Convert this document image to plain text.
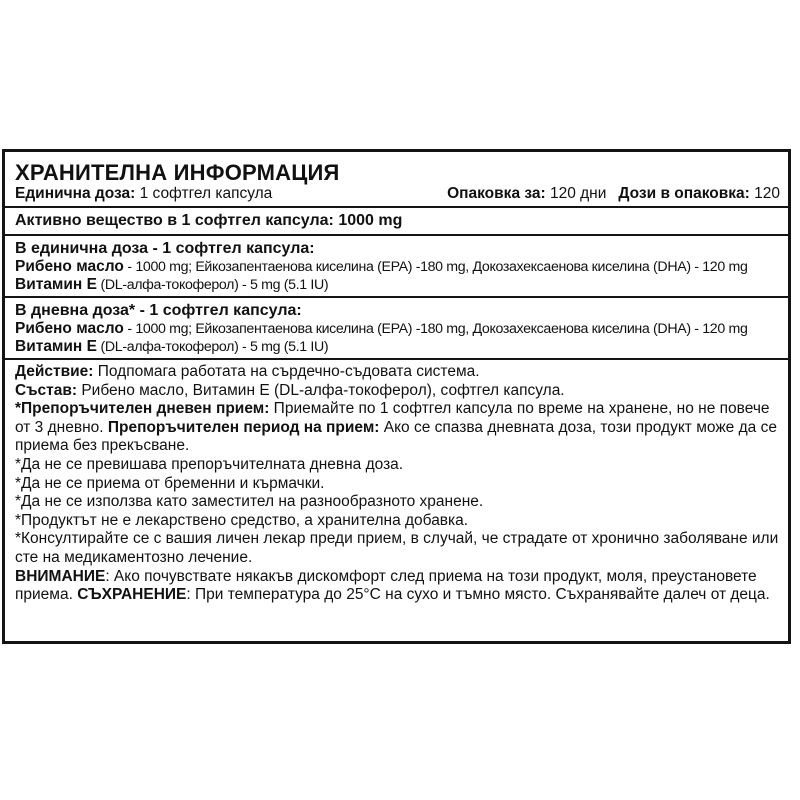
ХРАНИТЕЛНА ИНФОРМАЦИЯ
Единична доза: 1 софтгел капсула	Опаковка за: 120 дни Дози в опаковка: 120
Активно вещество в 1 софтгел капсула: 1000 mg
В единична доза - 1 софтгел капсула:
Рибено масло - 1000 mg; Ейкозапентаенова киселина (EPA) -180 mg, Докозахексаенова киселина (DHA) - 120 mg
Витамин Е (DL-алфа-токоферол) - 5 mg (5.1 IU)
В дневна доза* - 1 софтгел капсула:
Рибено масло - 1000 mg; Ейкозапентаенова киселина (EPA) -180 mg, Докозахексаенова киселина (DHA) - 120 mg
Витамин Е (DL-алфа-токоферол) - 5 mg (5.1 IU)

Действие: Подпомага работата на сърдечно-съдовата система.

Състав: Рибено масло, Витамин Е (DL-алфа-токоферол), софтгел капсула.

*Препоръчителен дневен прием: Приемайте по 1 софтгел капсула по време на хранене, но не повече от 3 дневно. Препоръчителен период на прием: Ако се спазва дневната доза, този продукт може да се приема без прекъсване.

*Да не се превишава препоръчителната дневна доза.

*Да не се приема от бременни и кърмачки.

*Да не се използва като заместител на разнообразното хранене.

*Продуктът не е лекарствено средство, а хранителна добавка.

*Консултирайте се с вашия личен лекар преди прием, в случай, че страдате от хронично заболяване или сте на медикаментозно лечение.

ВНИМАНИЕ: Ако почувствате някакъв дискомфорт след приема на този продукт, моля, преустановете приема. СЪХРАНЕНИЕ: При температура до 25°C на сухо и тъмно място. Съхранявайте далеч от деца.
